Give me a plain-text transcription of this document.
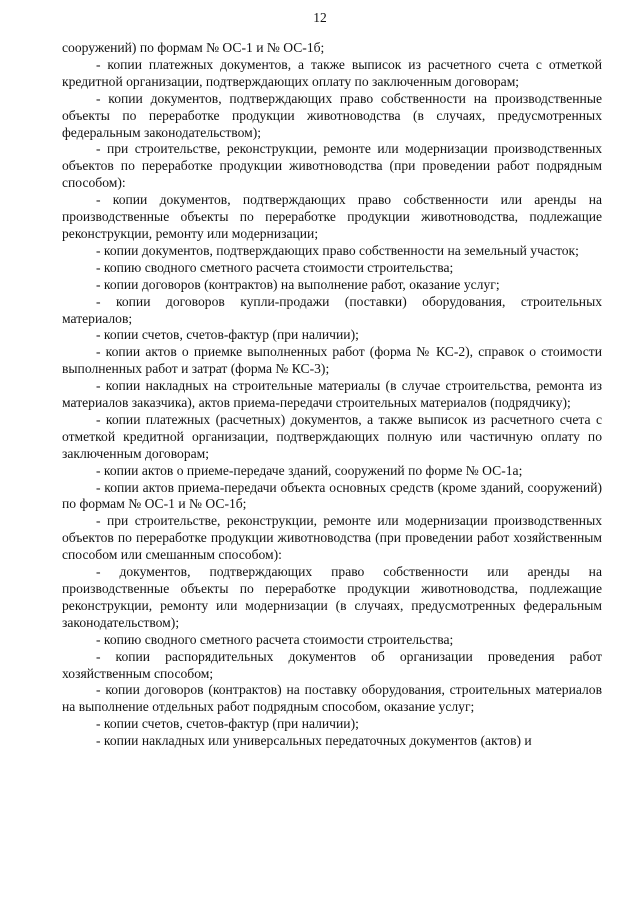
12

сооружений) по формам № ОС-1 и № ОС-1б;

- копии платежных документов, а также выписок из расчетного счета с отметкой кредитной организации, подтверждающих оплату по заключенным договорам;

- копии документов, подтверждающих право собственности на производственные объекты по переработке продукции животноводства (в случаях, предусмотренных федеральным законодательством);

- при строительстве, реконструкции, ремонте или модернизации производственных объектов по переработке продукции животноводства (при проведении работ подрядным способом):

- копии документов, подтверждающих право собственности или аренды на производственные объекты по переработке продукции животноводства, подлежащие реконструкции, ремонту или модернизации;

- копии документов, подтверждающих право собственности на земельный участок;

- копию сводного сметного расчета стоимости строительства;

- копии договоров (контрактов) на выполнение работ, оказание услуг;

- копии договоров купли-продажи (поставки) оборудования, строительных материалов;

- копии счетов, счетов-фактур (при наличии);

- копии актов о приемке выполненных работ (форма № КС-2), справок о стоимости выполненных работ и затрат (форма № КС-3);

- копии накладных на строительные материалы (в случае строительства, ремонта из материалов заказчика), актов приема-передачи строительных материалов (подрядчику);

- копии платежных (расчетных) документов, а также выписок из расчетного счета с отметкой кредитной организации, подтверждающих полную или частичную оплату по заключенным договорам;

- копии актов о приеме-передаче зданий, сооружений по форме № ОС-1а;

- копии актов приема-передачи объекта основных средств (кроме зданий, сооружений) по формам № ОС-1 и № ОС-1б;

- при строительстве, реконструкции, ремонте или модернизации производственных объектов по переработке продукции животноводства (при проведении работ хозяйственным способом или смешанным способом):

- документов, подтверждающих право собственности или аренды на производственные объекты по переработке продукции животноводства, подлежащие реконструкции, ремонту или модернизации (в случаях, предусмотренных федеральным законодательством);

- копию сводного сметного расчета стоимости строительства;

- копии распорядительных документов об организации проведения работ хозяйственным способом;

- копии договоров (контрактов) на поставку оборудования, строительных материалов на выполнение отдельных работ подрядным способом, оказание услуг;

- копии счетов, счетов-фактур (при наличии);

- копии накладных или универсальных передаточных документов (актов) и
